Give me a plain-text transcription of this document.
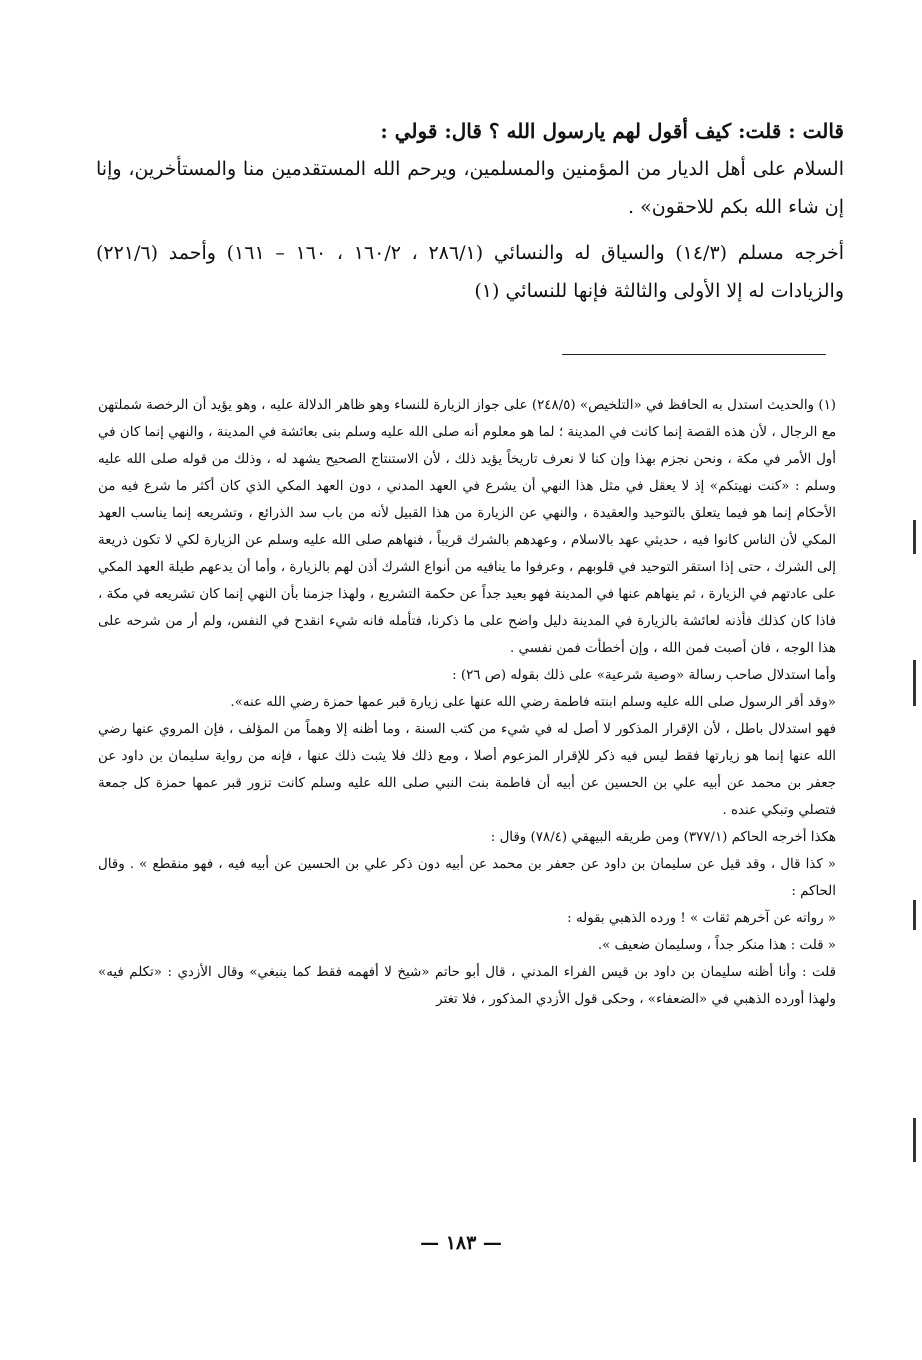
قالت : قلت: كيف أقول لهم يارسول الله ؟ قال: قولي :

السلام على أهل الديار من المؤمنين والمسلمين، ويرحم الله المستقدمين منا والمستأخرين، وإنا إن شاء الله بكم للاحقون» .

أخرجه مسلم (١٤/٣) والسياق له والنسائي (٢٨٦/١ ، ١٦٠/٢ ، ١٦٠ – ١٦١) وأحمد (٢٢١/٦) والزيادات له إلا الأولى والثالثة فإنها للنسائي (١)

(١) والحديث استدل به الحافظ في «التلخيص» (٢٤٨/٥) على جواز الزيارة للنساء وهو ظاهر الدلالة عليه ، وهو يؤيد أن الرخصة شملتهن مع الرجال ، لأن هذه القصة إنما كانت في المدينة ؛ لما هو معلوم أنه صلى الله عليه وسلم بنى بعائشة في المدينة ، والنهي إنما كان في أول الأمر في مكة ، ونحن نجزم بهذا وإن كنا لا نعرف تاريخاً يؤيد ذلك ، لأن الاستنتاج الصحيح يشهد له ، وذلك من قوله صلى الله عليه وسلم : «كنت نهيتكم» إذ لا يعقل في مثل هذا النهي أن يشرع في العهد المدني ، دون العهد المكي الذي كان أكثر ما شرع فيه من الأحكام إنما هو فيما يتعلق بالتوحيد والعقيدة ، والنهي عن الزيارة من هذا القبيل لأنه من باب سد الذرائع ، وتشريعه إنما يناسب العهد المكي لأن الناس كانوا فيه ، حديثي عهد بالاسلام ، وعهدهم بالشرك قريباً ، فنهاهم صلى الله عليه وسلم عن الزيارة لكي لا تكون ذريعة إلى الشرك ، حتى إذا استقر التوحيد في قلوبهم ، وعرفوا ما ينافيه من أنواع الشرك أذن لهم بالزيارة ، وأما أن يدعهم طيلة العهد المكي على عادتهم في الزيارة ، ثم ينهاهم عنها في المدينة فهو بعيد جداً عن حكمة التشريع ، ولهذا جزمنا بأن النهي إنما كان تشريعه في مكة ، فاذا كان كذلك فأذنه لعائشة بالزيارة في المدينة دليل واضح على ما ذكرنا، فتأمله فانه شيء انقدح في النفس، ولم أر من شرحه على هذا الوجه ، فان أصبت فمن الله ، وإن أخطأت فمن نفسي .

وأما استدلال صاحب رسالة «وصية شرعية» على ذلك بقوله (ص ٢٦) :

«وقد أقر الرسول صلى الله عليه وسلم ابنته فاطمة رضي الله عنها على زيارة قبر عمها حمزة رضي الله عنه».

فهو استدلال باطل ، لأن الإقرار المذكور لا أصل له في شيء من كتب السنة ، وما أظنه إلا وهماً من المؤلف ، فإن المروي عنها رضي الله عنها إنما هو زيارتها فقط ليس فيه ذكر للإقرار المزعوم أصلا ، ومع ذلك فلا يثبت ذلك عنها ، فإنه من رواية سليمان بن داود عن جعفر بن محمد عن أبيه علي بن الحسين عن أبيه أن فاطمة بنت النبي صلى الله عليه وسلم كانت تزور قبر عمها حمزة كل جمعة فتصلي وتبكي عنده .

هكذا أخرجه الحاكم (٣٧٧/١) ومن طريقه البيهقي (٧٨/٤) وقال :

« كذا قال ، وقد قيل عن سليمان بن داود عن جعفر بن محمد عن أبيه دون ذكر علي بن الحسين عن أبيه فيه ، فهو منقطع » . وقال الحاكم :

« رواته عن آخرهم ثقات » ! ورده الذهبي بقوله :

« قلت : هذا منكر جداً ، وسليمان ضعيف ».

قلت : وأنا أظنه سليمان بن داود بن قيس الفراء المدني ، قال أبو حاتم «شيخ لا أفهمه فقط كما ينبغي» وقال الأزدي : «تكلم فيه» ولهذا أورده الذهبي في «الضعفاء» ، وحكى قول الأزدي المذكور ، فلا تغتر

— ١٨٣ —
